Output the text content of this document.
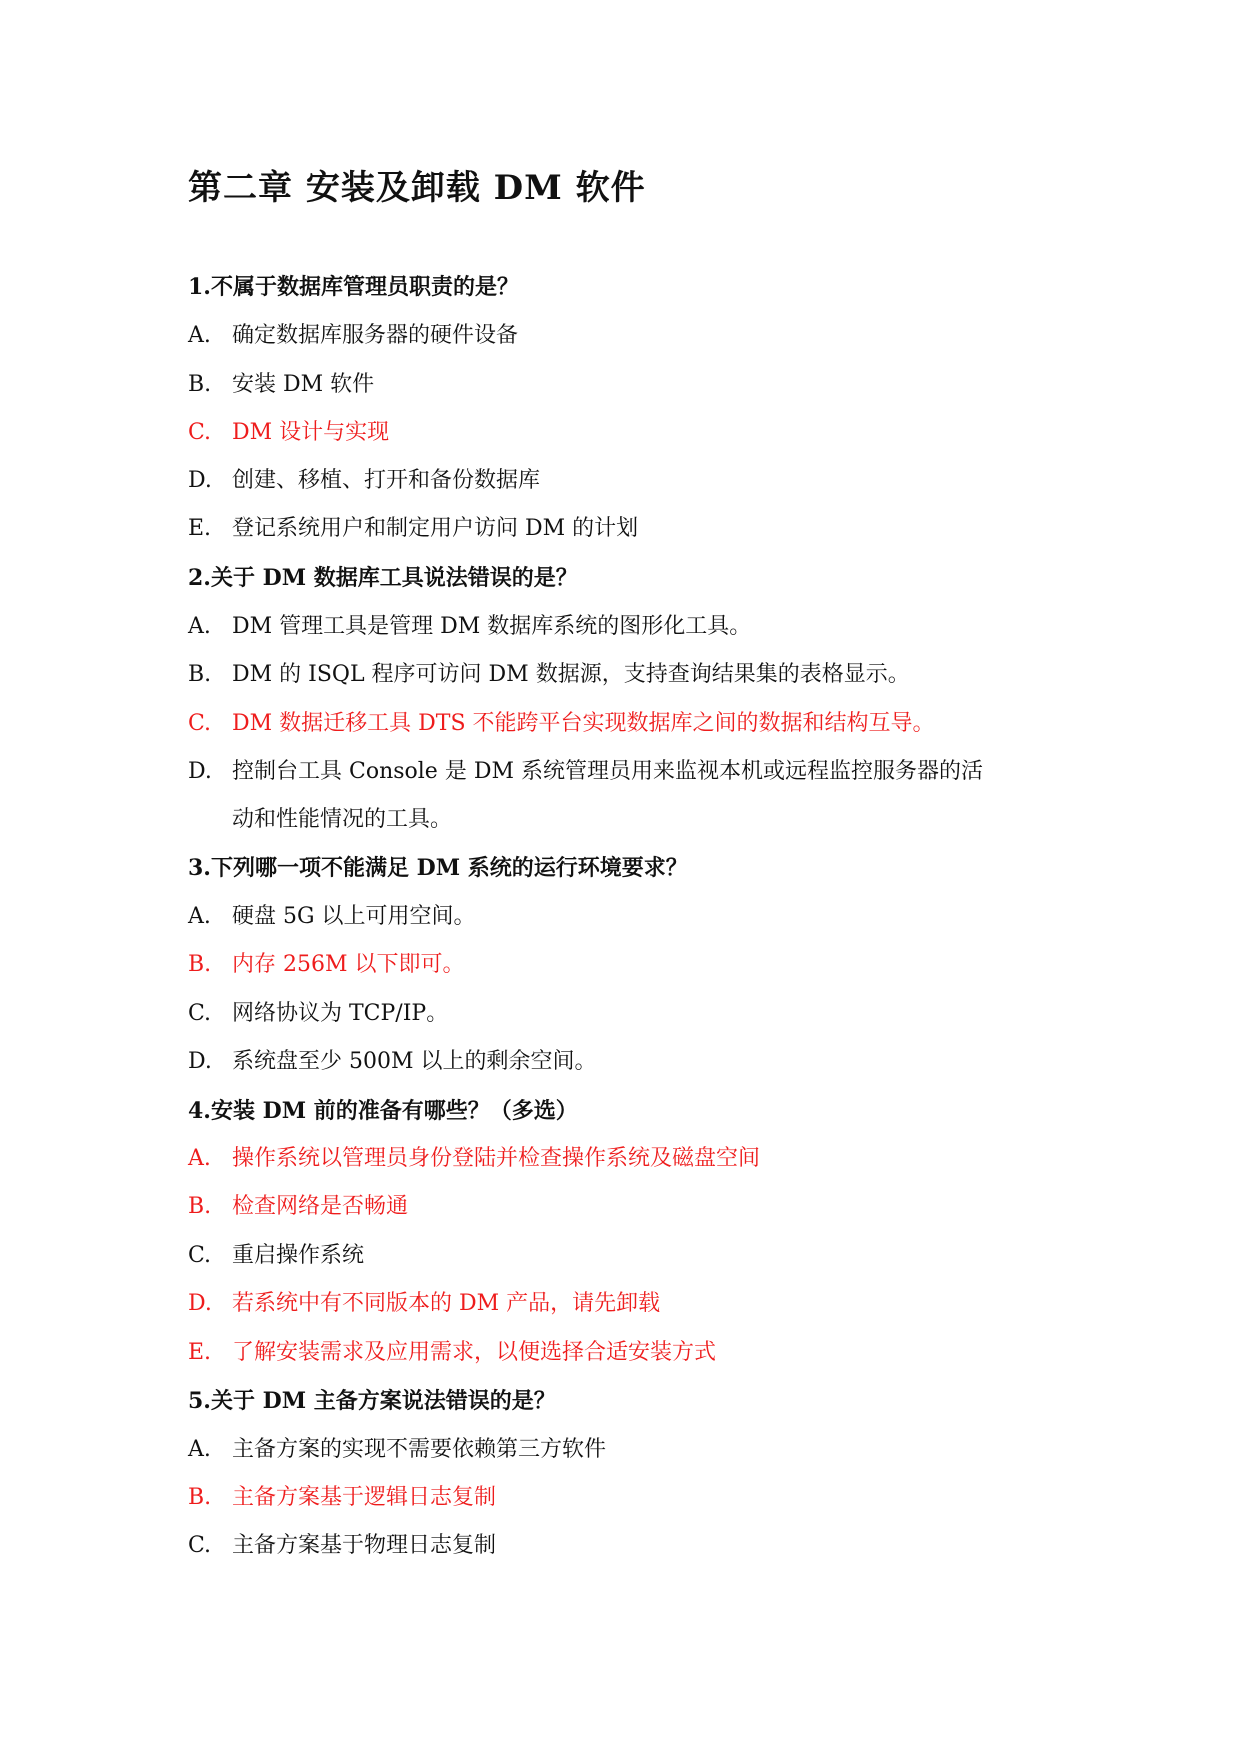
第二章 安装及卸载 DM 软件
1.不属于数据库管理员职责的是？
A. 确定数据库服务器的硬件设备
B. 安装 DM 软件
C. DM 设计与实现
D. 创建、移植、打开和备份数据库
E. 登记系统用户和制定用户访问 DM 的计划
2.关于 DM 数据库工具说法错误的是？
A. DM 管理工具是管理 DM 数据库系统的图形化工具。
B. DM 的 ISQL 程序可访问 DM 数据源，支持查询结果集的表格显示。
C. DM 数据迁移工具 DTS 不能跨平台实现数据库之间的数据和结构互导。
D. 控制台工具 Console 是 DM 系统管理员用来监视本机或远程监控服务器的活
动和性能情况的工具。
3.下列哪一项不能满足 DM 系统的运行环境要求？
A. 硬盘 5G 以上可用空间。
B. 内存 256M 以下即可。
C. 网络协议为 TCP/IP。
D. 系统盘至少 500M 以上的剩余空间。
4.安装 DM 前的准备有哪些？（多选）
A. 操作系统以管理员身份登陆并检查操作系统及磁盘空间
B. 检查网络是否畅通
C. 重启操作系统
D. 若系统中有不同版本的 DM 产品，请先卸载
E. 了解安装需求及应用需求，以便选择合适安装方式
5.关于 DM 主备方案说法错误的是？
A. 主备方案的实现不需要依赖第三方软件
B. 主备方案基于逻辑日志复制
C. 主备方案基于物理日志复制
